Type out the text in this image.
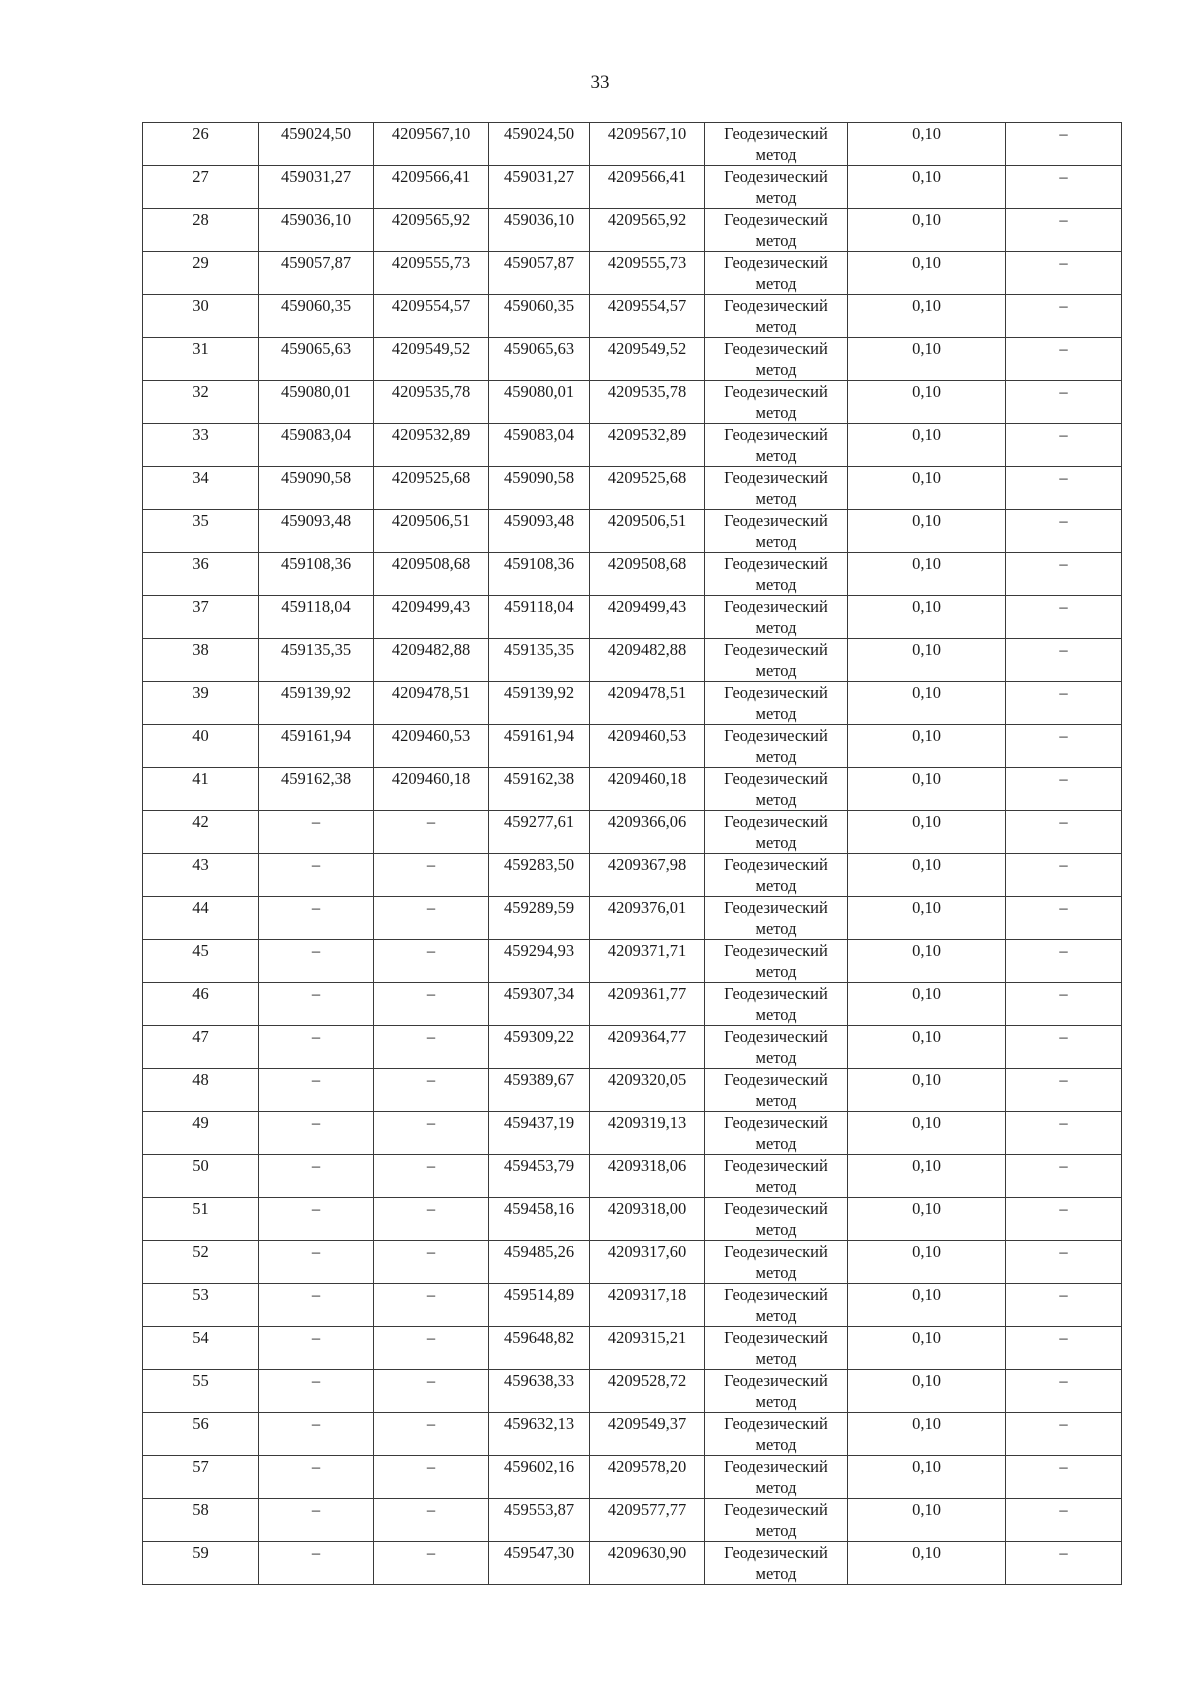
33
26	459024,50	4209567,10	459024,50	4209567,10	Геодезический
метод	0,10	–
27	459031,27	4209566,41	459031,27	4209566,41	Геодезический
метод	0,10	–
28	459036,10	4209565,92	459036,10	4209565,92	Геодезический
метод	0,10	–
29	459057,87	4209555,73	459057,87	4209555,73	Геодезический
метод	0,10	–
30	459060,35	4209554,57	459060,35	4209554,57	Геодезический
метод	0,10	–
31	459065,63	4209549,52	459065,63	4209549,52	Геодезический
метод	0,10	–
32	459080,01	4209535,78	459080,01	4209535,78	Геодезический
метод	0,10	–
33	459083,04	4209532,89	459083,04	4209532,89	Геодезический
метод	0,10	–
34	459090,58	4209525,68	459090,58	4209525,68	Геодезический
метод	0,10	–
35	459093,48	4209506,51	459093,48	4209506,51	Геодезический
метод	0,10	–
36	459108,36	4209508,68	459108,36	4209508,68	Геодезический
метод	0,10	–
37	459118,04	4209499,43	459118,04	4209499,43	Геодезический
метод	0,10	–
38	459135,35	4209482,88	459135,35	4209482,88	Геодезический
метод	0,10	–
39	459139,92	4209478,51	459139,92	4209478,51	Геодезический
метод	0,10	–
40	459161,94	4209460,53	459161,94	4209460,53	Геодезический
метод	0,10	–
41	459162,38	4209460,18	459162,38	4209460,18	Геодезический
метод	0,10	–
42	–	–	459277,61	4209366,06	Геодезический
метод	0,10	–
43	–	–	459283,50	4209367,98	Геодезический
метод	0,10	–
44	–	–	459289,59	4209376,01	Геодезический
метод	0,10	–
45	–	–	459294,93	4209371,71	Геодезический
метод	0,10	–
46	–	–	459307,34	4209361,77	Геодезический
метод	0,10	–
47	–	–	459309,22	4209364,77	Геодезический
метод	0,10	–
48	–	–	459389,67	4209320,05	Геодезический
метод	0,10	–
49	–	–	459437,19	4209319,13	Геодезический
метод	0,10	–
50	–	–	459453,79	4209318,06	Геодезический
метод	0,10	–
51	–	–	459458,16	4209318,00	Геодезический
метод	0,10	–
52	–	–	459485,26	4209317,60	Геодезический
метод	0,10	–
53	–	–	459514,89	4209317,18	Геодезический
метод	0,10	–
54	–	–	459648,82	4209315,21	Геодезический
метод	0,10	–
55	–	–	459638,33	4209528,72	Геодезический
метод	0,10	–
56	–	–	459632,13	4209549,37	Геодезический
метод	0,10	–
57	–	–	459602,16	4209578,20	Геодезический
метод	0,10	–
58	–	–	459553,87	4209577,77	Геодезический
метод	0,10	–
59	–	–	459547,30	4209630,90	Геодезический
метод	0,10	–
